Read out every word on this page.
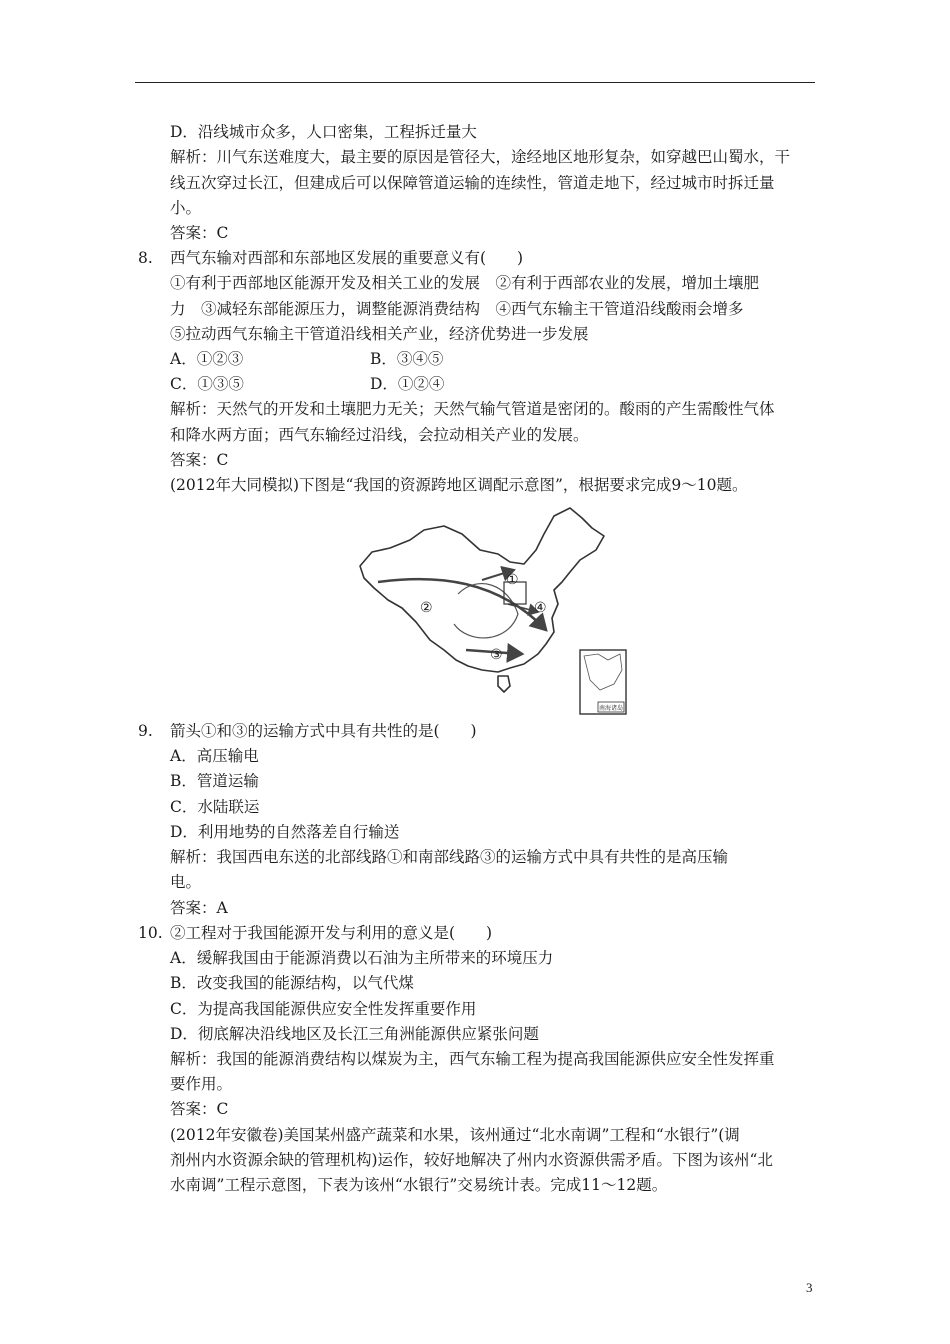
D．沿线城市众多，人口密集，工程拆迁量大
解析：川气东送难度大，最主要的原因是管径大，途经地区地形复杂，如穿越巴山蜀水，干
线五次穿过长江，但建成后可以保障管道运输的连续性，管道走地下，经过城市时拆迁量
小。
答案：C
8. 西气东输对西部和东部地区发展的重要意义有(　　)
①有利于西部地区能源开发及相关工业的发展　②有利于西部农业的发展，增加土壤肥
力　③减轻东部能源压力，调整能源消费结构　④西气东输主干管道沿线酸雨会增多
⑤拉动西气东输主干管道沿线相关产业，经济优势进一步发展
A．①②③	B．③④⑤
C．①③⑤	D．①②④
解析：天然气的开发和土壤肥力无关；天然气输气管道是密闭的。酸雨的产生需酸性气体
和降水两方面；西气东输经过沿线，会拉动相关产业的发展。
答案：C
(2012年大同模拟)下图是“我国的资源跨地区调配示意图”，根据要求完成9～10题。
①
②
③
④
南海诸岛
9. 箭头①和③的运输方式中具有共性的是(　　)
A．高压输电
B．管道运输
C．水陆联运
D．利用地势的自然落差自行输送
解析：我国西电东送的北部线路①和南部线路③的运输方式中具有共性的是高压输
电。
答案：A
10. ②工程对于我国能源开发与利用的意义是(　　)
A．缓解我国由于能源消费以石油为主所带来的环境压力
B．改变我国的能源结构，以气代煤
C．为提高我国能源供应安全性发挥重要作用
D．彻底解决沿线地区及长江三角洲能源供应紧张问题
解析：我国的能源消费结构以煤炭为主，西气东输工程为提高我国能源供应安全性发挥重
要作用。
答案：C
(2012年安徽卷)美国某州盛产蔬菜和水果，该州通过“北水南调”工程和“水银行”(调
剂州内水资源余缺的管理机构)运作，较好地解决了州内水资源供需矛盾。下图为该州“北
水南调”工程示意图，下表为该州“水银行”交易统计表。完成11～12题。
3
